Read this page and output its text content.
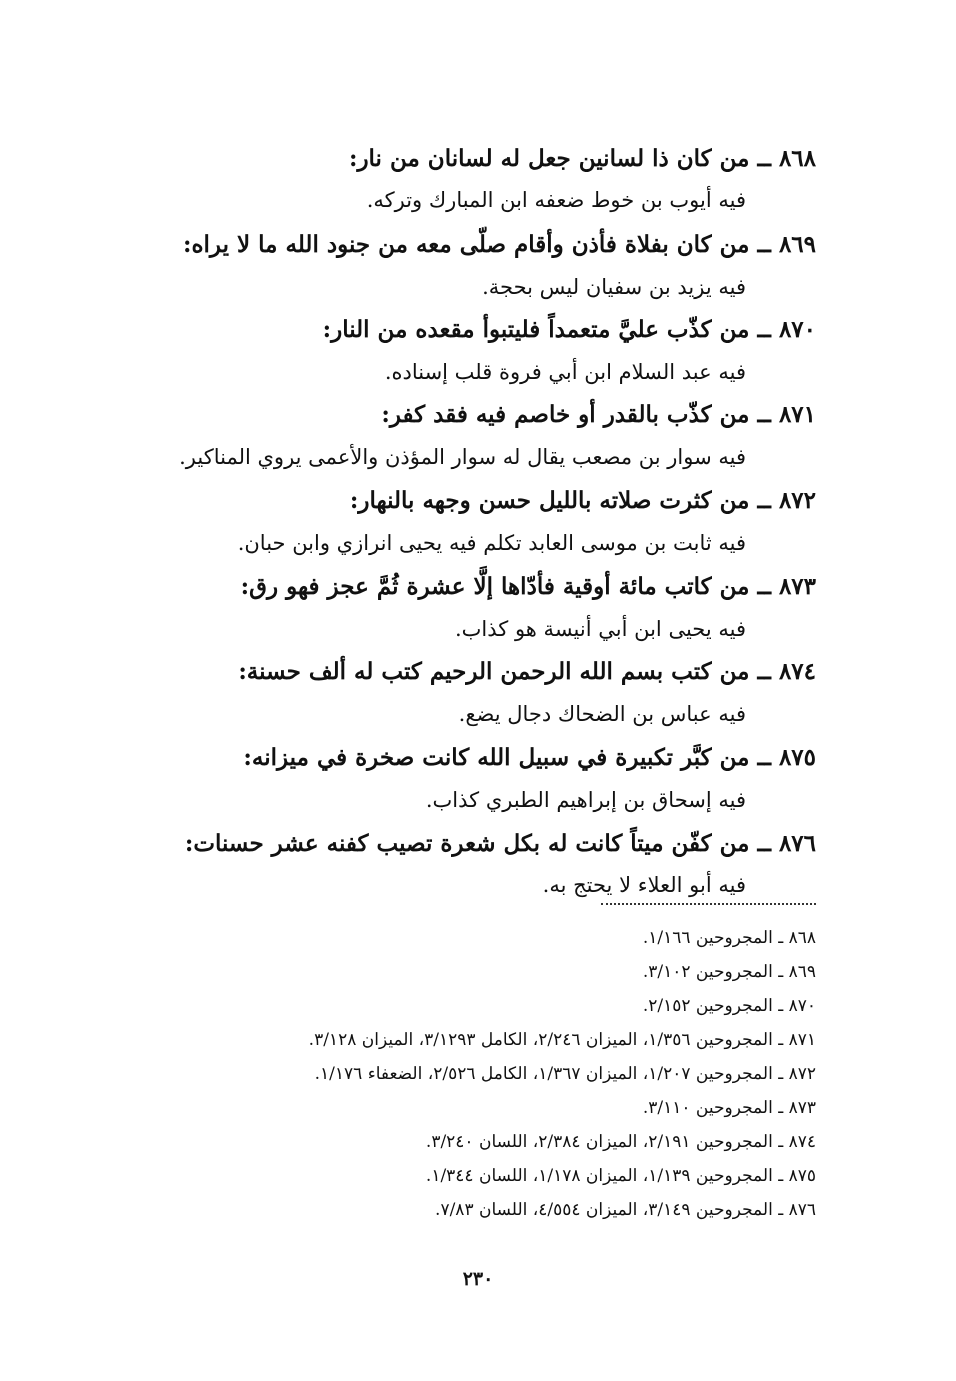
٨٦٨ ــ من كان ذا لسانين جعل له لسانان من نار:
فيه أيوب بن خوط ضعفه ابن المبارك وتركه.
٨٦٩ ــ من كان بفلاة فأذن وأقام صلّى معه من جنود الله ما لا يراه:
فيه يزيد بن سفيان ليس بحجة.
٨٧٠ ــ من كذّب عليَّ متعمداً فليتبوأ مقعده من النار:
فيه عبد السلام ابن أبي فروة قلب إسناده.
٨٧١ ــ من كذّب بالقدر أو خاصم فيه فقد كفر:
فيه سوار بن مصعب يقال له سوار المؤذن والأعمى يروي المناكير.
٨٧٢ ــ من كثرت صلاته بالليل حسن وجهه بالنهار:
فيه ثابت بن موسى العابد تكلم فيه يحيى انرازي وابن حبان.
٨٧٣ ــ من كاتب مائة أوقية فأدّاها إلَّا عشرة ثُمَّ عجز فهو رق:
فيه يحيى ابن أبي أنيسة هو كذاب.
٨٧٤ ــ من كتب بسم الله الرحمن الرحيم كتب له ألف حسنة:
فيه عباس بن الضحاك دجال يضع.
٨٧٥ ــ من كبَّر تكبيرة في سبيل الله كانت صخرة في ميزانه:
فيه إسحاق بن إبراهيم الطبري كذاب.
٨٧٦ ــ من كفّن ميتاً كانت له بكل شعرة تصيب كفنه عشر حسنات:
فيه أبو العلاء لا يحتج به.
٨٦٨ ـ المجروحين ١/١٦٦.
٨٦٩ ـ المجروحين ٣/١٠٢.
٨٧٠ ـ المجروحين ٢/١٥٢.
٨٧١ ـ المجروحين ١/٣٥٦، الميزان ٢/٢٤٦، الكامل ٣/١٢٩٣، الميزان ٣/١٢٨.
٨٧٢ ـ المجروحين ١/٢٠٧، الميزان ١/٣٦٧، الكامل ٢/٥٢٦، الضعفاء ١/١٧٦.
٨٧٣ ـ المجروحين ٣/١١٠.
٨٧٤ ـ المجروحين ٢/١٩١، الميزان ٢/٣٨٤، اللسان ٣/٢٤٠.
٨٧٥ ـ المجروحين ١/١٣٩، الميزان ١/١٧٨، اللسان ١/٣٤٤.
٨٧٦ ـ المجروحين ٣/١٤٩، الميزان ٤/٥٥٤، اللسان ٧/٨٣.
٢٣٠
